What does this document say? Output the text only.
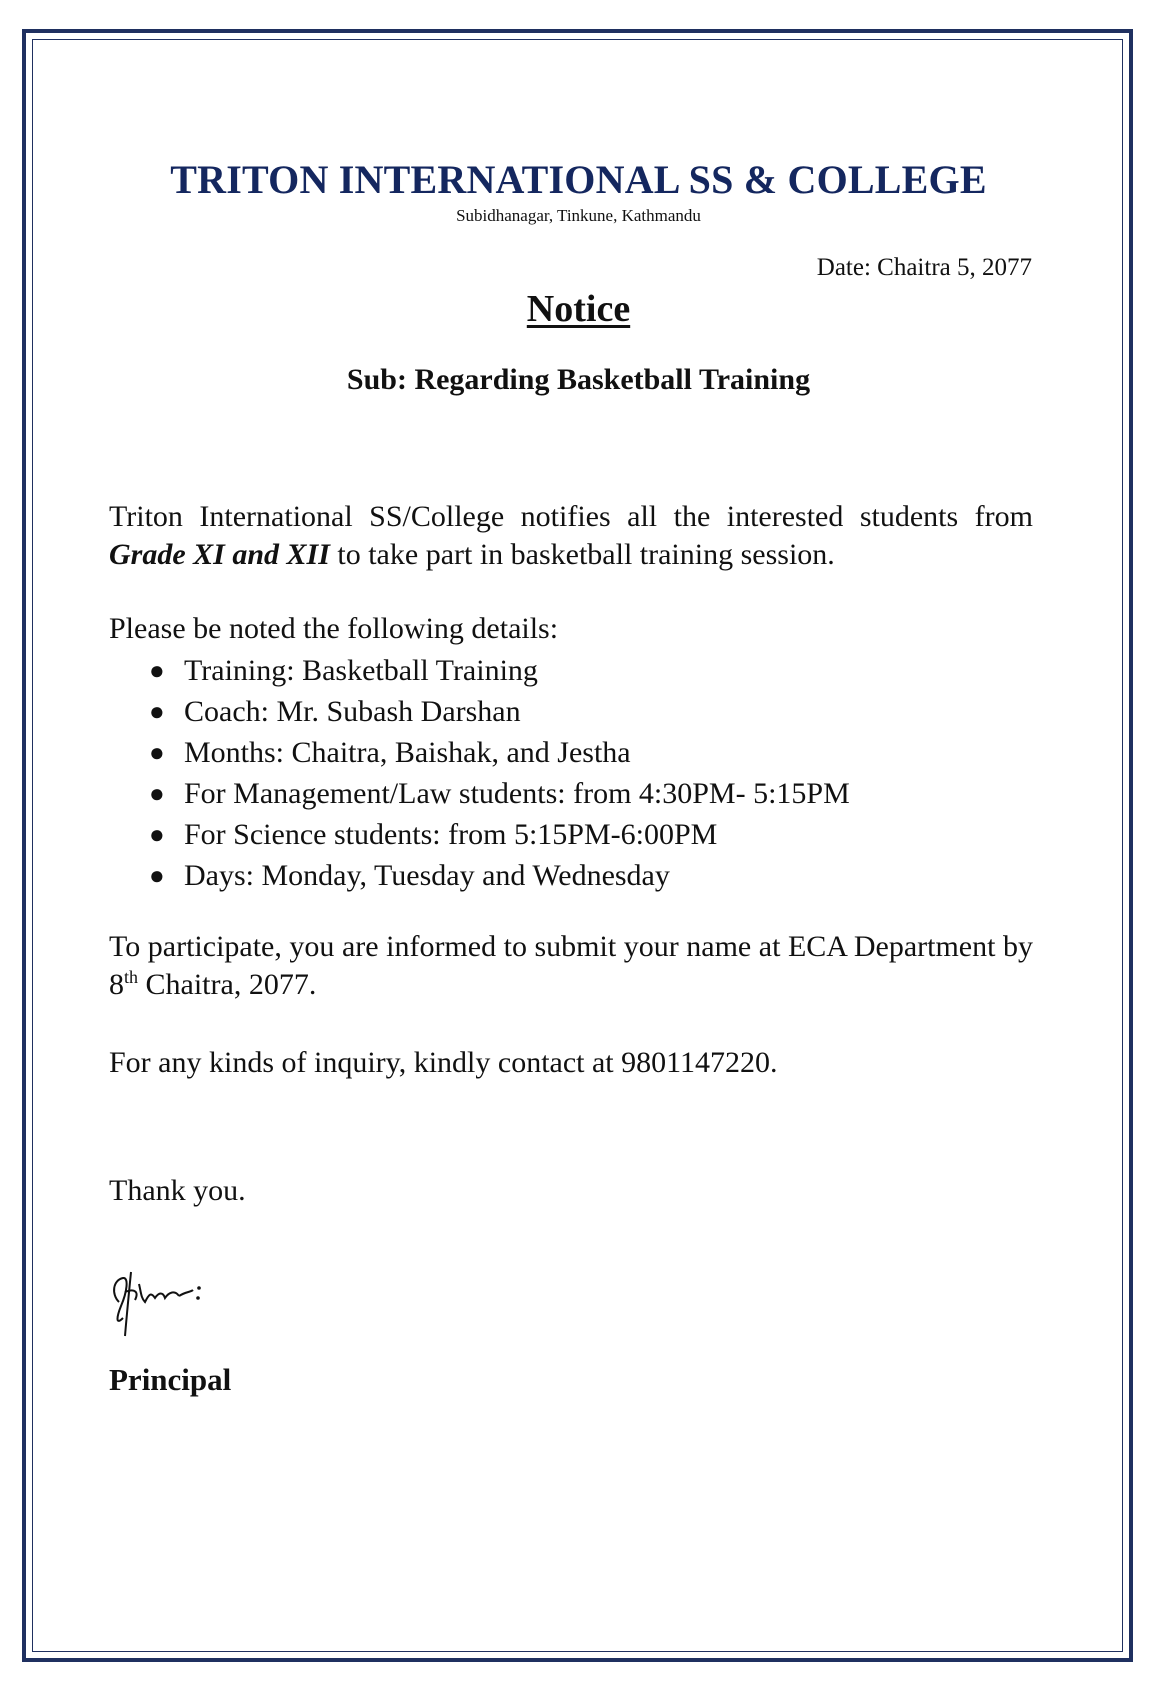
TRITON INTERNATIONAL SS & COLLEGE
Subidhanagar, Tinkune, Kathmandu
Date: Chaitra 5, 2077
Notice
Sub: Regarding Basketball Training
Triton International SS/College notifies all the interested students from Grade XI and XII to take part in basketball training session.
Please be noted the following details:
● Training: Basketball Training
● Coach: Mr. Subash Darshan
● Months: Chaitra, Baishak, and Jestha
● For Management/Law students: from 4:30PM- 5:15PM
● For Science students: from 5:15PM-6:00PM
● Days: Monday, Tuesday and Wednesday
To participate, you are informed to submit your name at ECA Department by 8th Chaitra, 2077.
For any kinds of inquiry, kindly contact at 9801147220.
Thank you.
Principal
